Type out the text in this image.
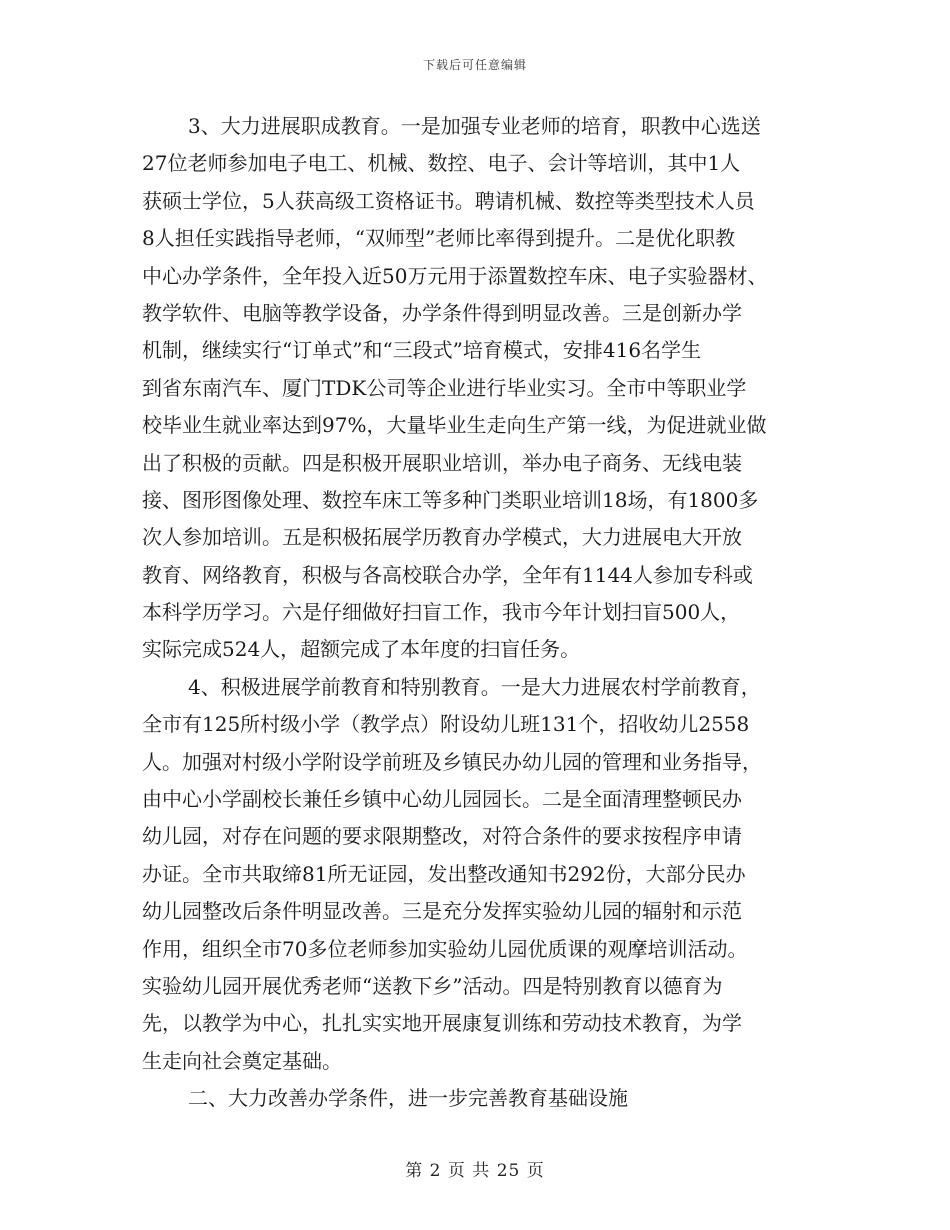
下载后可任意编辑
3、大力进展职成教育。一是加强专业老师的培育，职教中心选送
27位老师参加电子电工、机械、数控、电子、会计等培训，其中1人
获硕士学位，5人获高级工资格证书。聘请机械、数控等类型技术人员
8人担任实践指导老师，“双师型”老师比率得到提升。二是优化职教
中心办学条件，全年投入近50万元用于添置数控车床、电子实验器材、
教学软件、电脑等教学设备，办学条件得到明显改善。三是创新办学
机制，继续实行“订单式”和“三段式”培育模式，安排416名学生
到省东南汽车、厦门TDK公司等企业进行毕业实习。全市中等职业学
校毕业生就业率达到97%，大量毕业生走向生产第一线，为促进就业做
出了积极的贡献。四是积极开展职业培训，举办电子商务、无线电装
接、图形图像处理、数控车床工等多种门类职业培训18场，有1800多
次人参加培训。五是积极拓展学历教育办学模式，大力进展电大开放
教育、网络教育，积极与各高校联合办学，全年有1144人参加专科或
本科学历学习。六是仔细做好扫盲工作，我市今年计划扫盲500人，
实际完成524人，超额完成了本年度的扫盲任务。
4、积极进展学前教育和特别教育。一是大力进展农村学前教育，
全市有125所村级小学（教学点）附设幼儿班131个，招收幼儿2558
人。加强对村级小学附设学前班及乡镇民办幼儿园的管理和业务指导，
由中心小学副校长兼任乡镇中心幼儿园园长。二是全面清理整顿民办
幼儿园，对存在问题的要求限期整改，对符合条件的要求按程序申请
办证。全市共取缔81所无证园，发出整改通知书292份，大部分民办
幼儿园整改后条件明显改善。三是充分发挥实验幼儿园的辐射和示范
作用，组织全市70多位老师参加实验幼儿园优质课的观摩培训活动。
实验幼儿园开展优秀老师“送教下乡”活动。四是特别教育以德育为
先，以教学为中心，扎扎实实地开展康复训练和劳动技术教育，为学
生走向社会奠定基础。
二、大力改善办学条件，进一步完善教育基础设施
第 2 页 共 25 页
